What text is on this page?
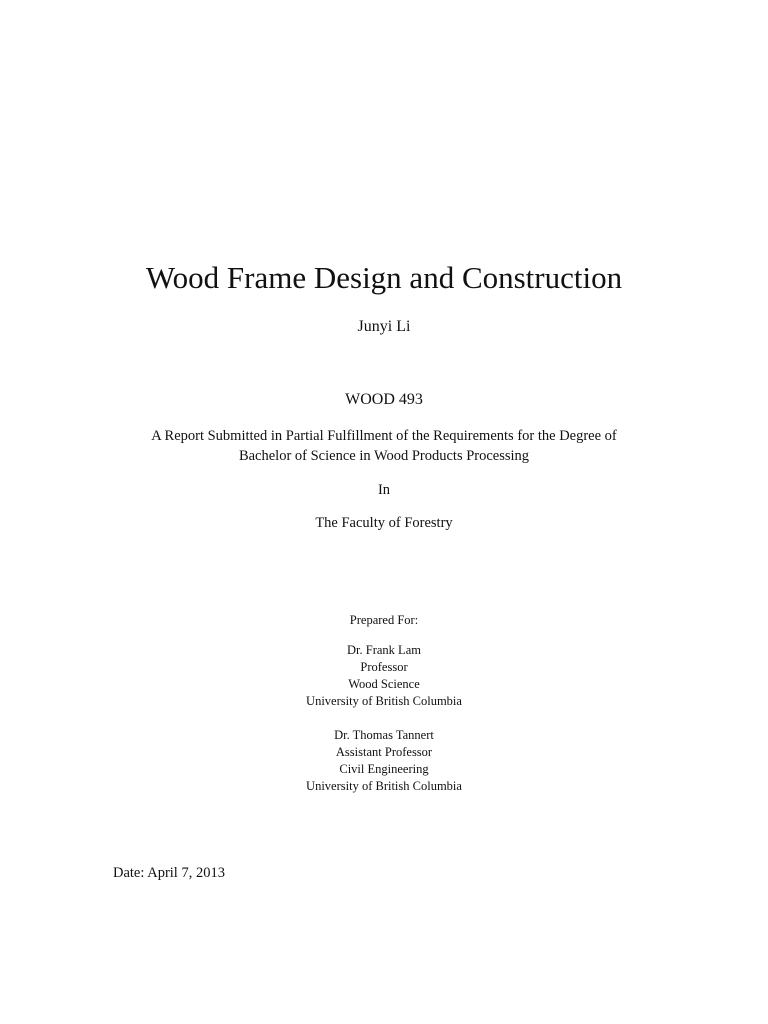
Wood Frame Design and Construction
Junyi Li
WOOD 493
A Report Submitted in Partial Fulfillment of the Requirements for the Degree of
Bachelor of Science in Wood Products Processing
In
The Faculty of Forestry
Prepared For:
Dr. Frank Lam
Professor
Wood Science
University of British Columbia
Dr. Thomas Tannert
Assistant Professor
Civil Engineering
University of British Columbia
Date: April 7, 2013
